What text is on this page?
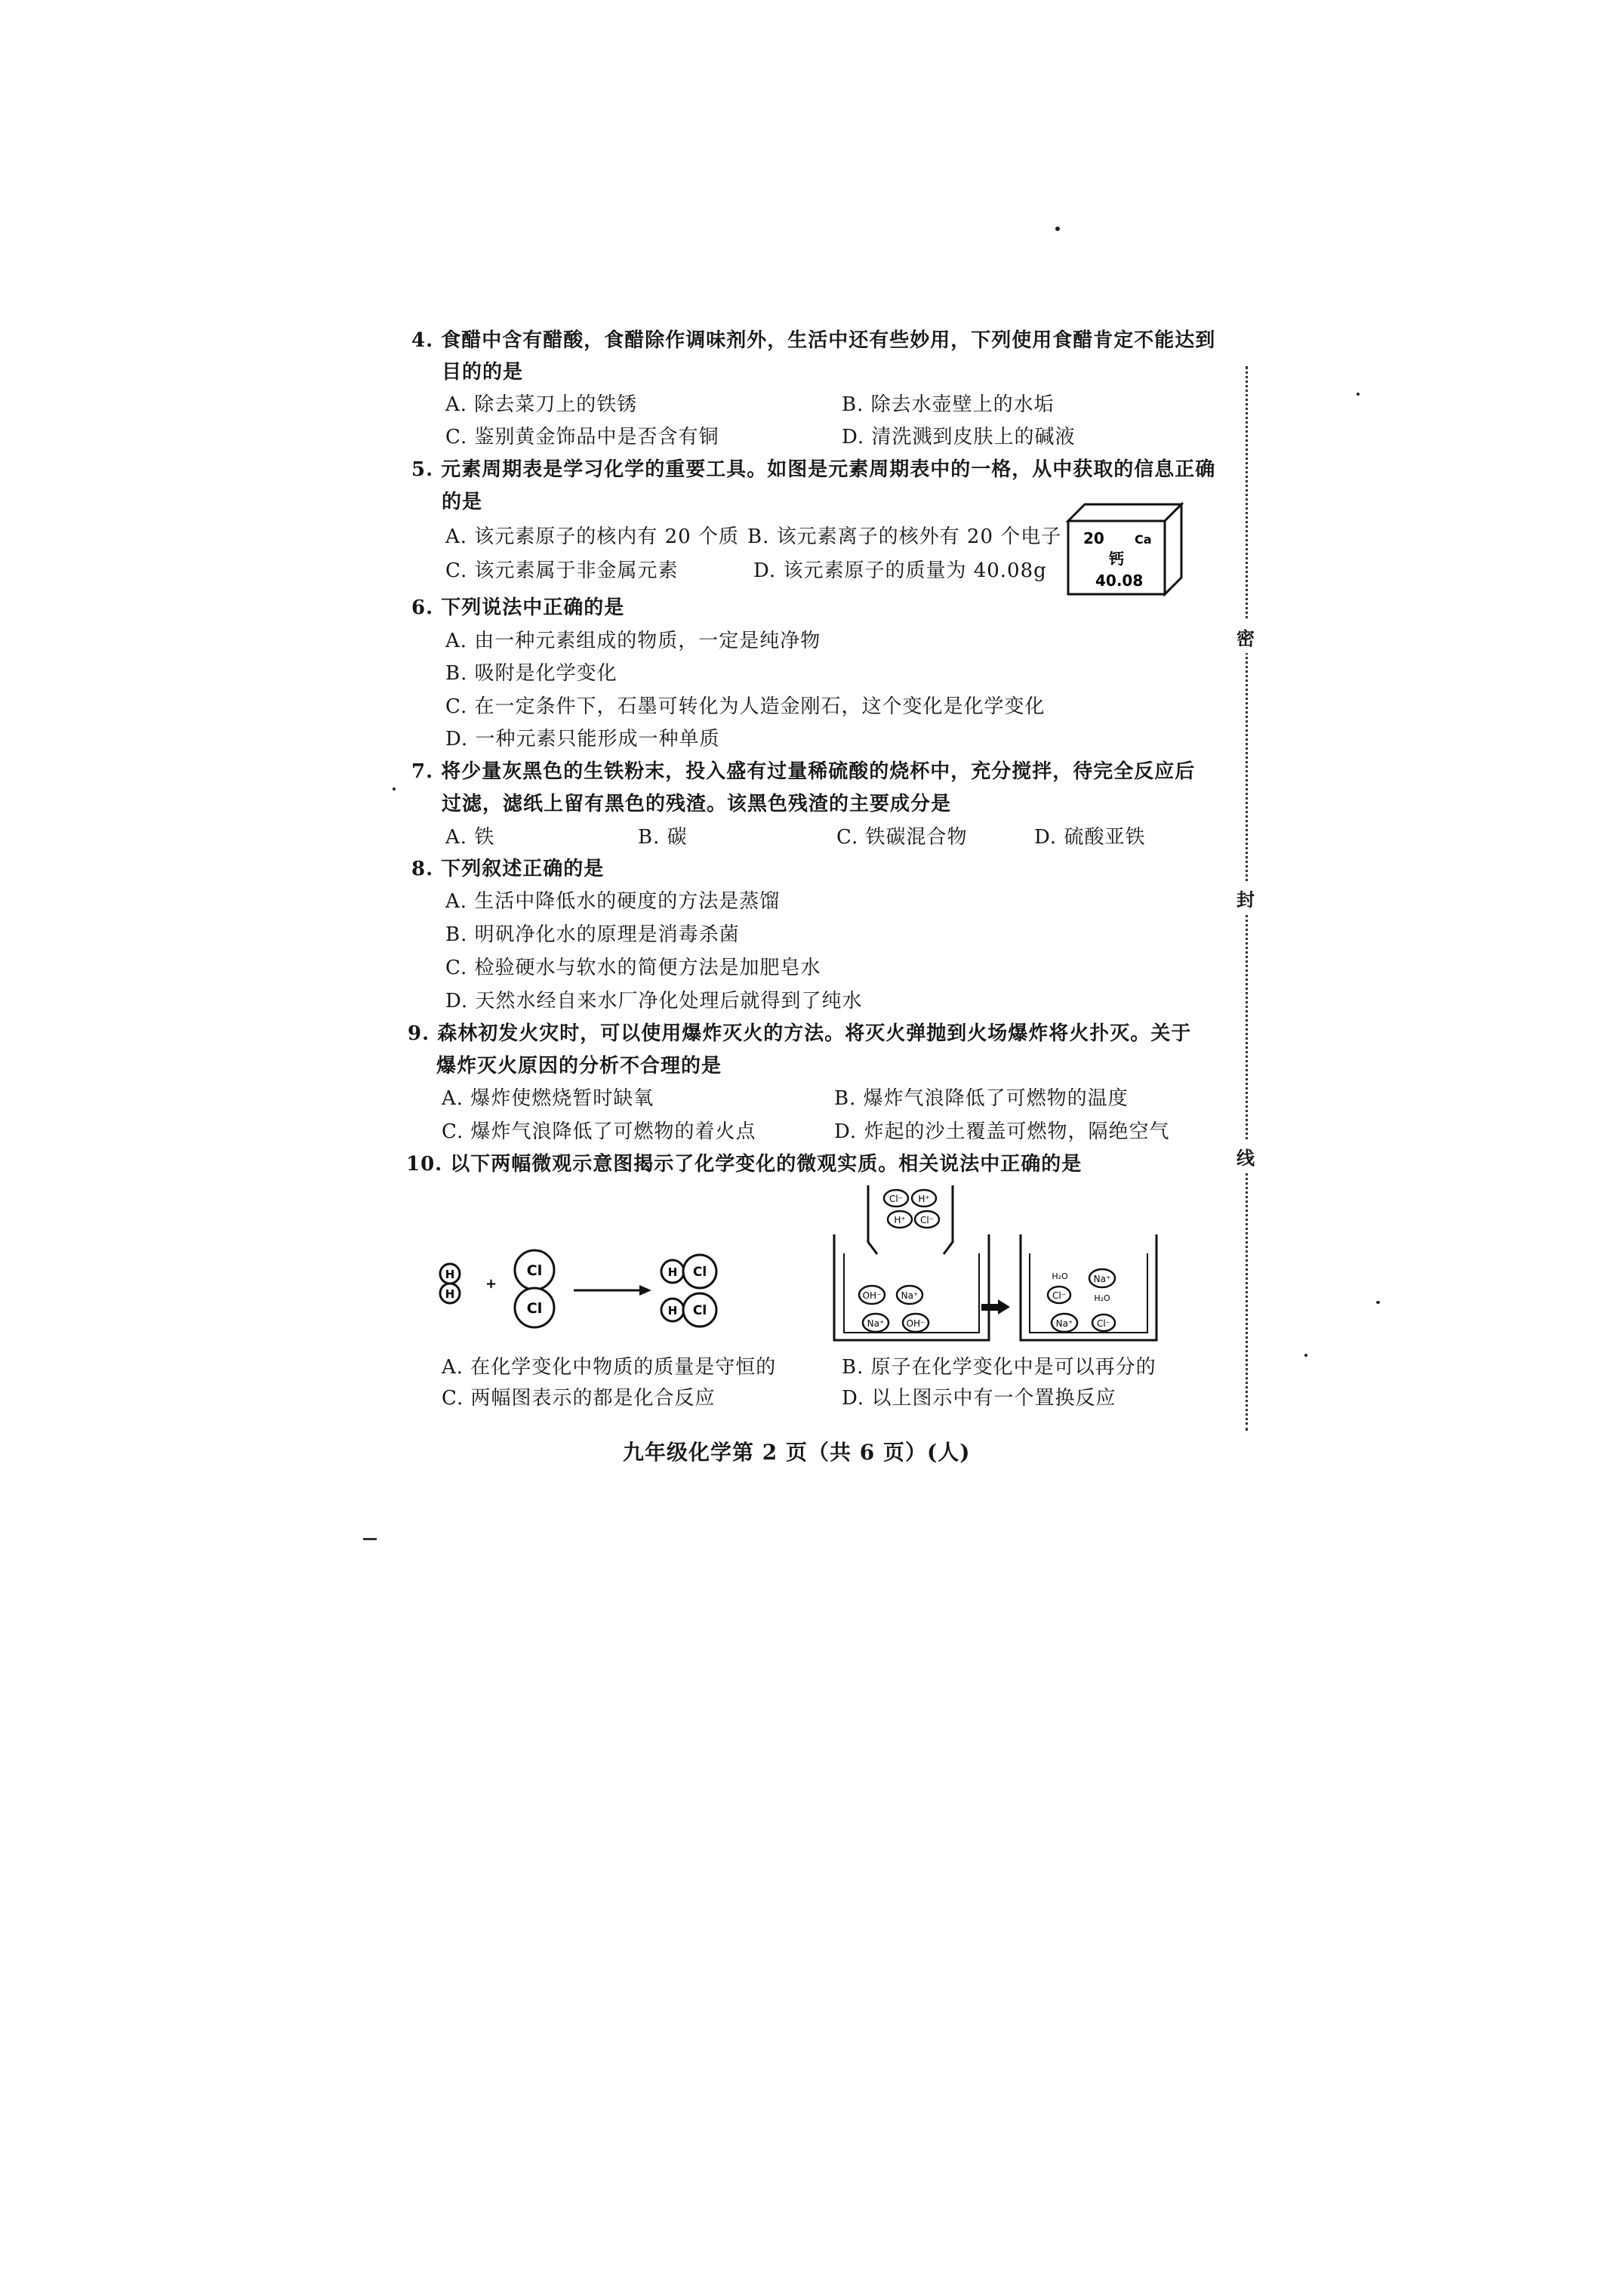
4. 食醋中含有醋酸，食醋除作调味剂外，生活中还有些妙用，下列使用食醋肯定不能达到
目的的是
A. 除去菜刀上的铁锈	B. 除去水壶壁上的水垢
C. 鉴别黄金饰品中是否含有铜	D. 清洗溅到皮肤上的碱液
5. 元素周期表是学习化学的重要工具。如图是元素周期表中的一格，从中获取的信息正确
的是
A. 该元素原子的核内有 20 个质 B. 该元素离子的核外有 20 个电子
C. 该元素属于非金属元素	D. 该元素原子的质量为 40.08g
20	Ca
钙
40.08
6. 下列说法中正确的是
A. 由一种元素组成的物质，一定是纯净物
B. 吸附是化学变化
C. 在一定条件下，石墨可转化为人造金刚石，这个变化是化学变化
D. 一种元素只能形成一种单质
7. 将少量灰黑色的生铁粉末，投入盛有过量稀硫酸的烧杯中，充分搅拌，待完全反应后
过滤，滤纸上留有黑色的残渣。该黑色残渣的主要成分是
A. 铁	B. 碳	C. 铁碳混合物	D. 硫酸亚铁
8. 下列叙述正确的是
A. 生活中降低水的硬度的方法是蒸馏
B. 明矾净化水的原理是消毒杀菌
C. 检验硬水与软水的简便方法是加肥皂水
D. 天然水经自来水厂净化处理后就得到了纯水
9. 森林初发火灾时，可以使用爆炸灭火的方法。将灭火弹抛到火场爆炸将火扑灭。关于
爆炸灭火原因的分析不合理的是
A. 爆炸使燃烧暂时缺氧	B. 爆炸气浪降低了可燃物的温度
C. 爆炸气浪降低了可燃物的着火点	D. 炸起的沙土覆盖可燃物，隔绝空气
10. 以下两幅微观示意图揭示了化学变化的微观实质。相关说法中正确的是
H
H
+
Cl
Cl
H Cl
H Cl
Cl⁻ H⁺
H⁺ Cl⁻
OH⁻ Na⁺
Na⁺ OH⁻
H₂O	Na⁺
Cl⁻	H₂O
Na⁺	Cl⁻
A. 在化学变化中物质的质量是守恒的	B. 原子在化学变化中是可以再分的
C. 两幅图表示的都是化合反应	D. 以上图示中有一个置换反应
九年级化学第 2 页（共 6 页）(人)
密
封
线
